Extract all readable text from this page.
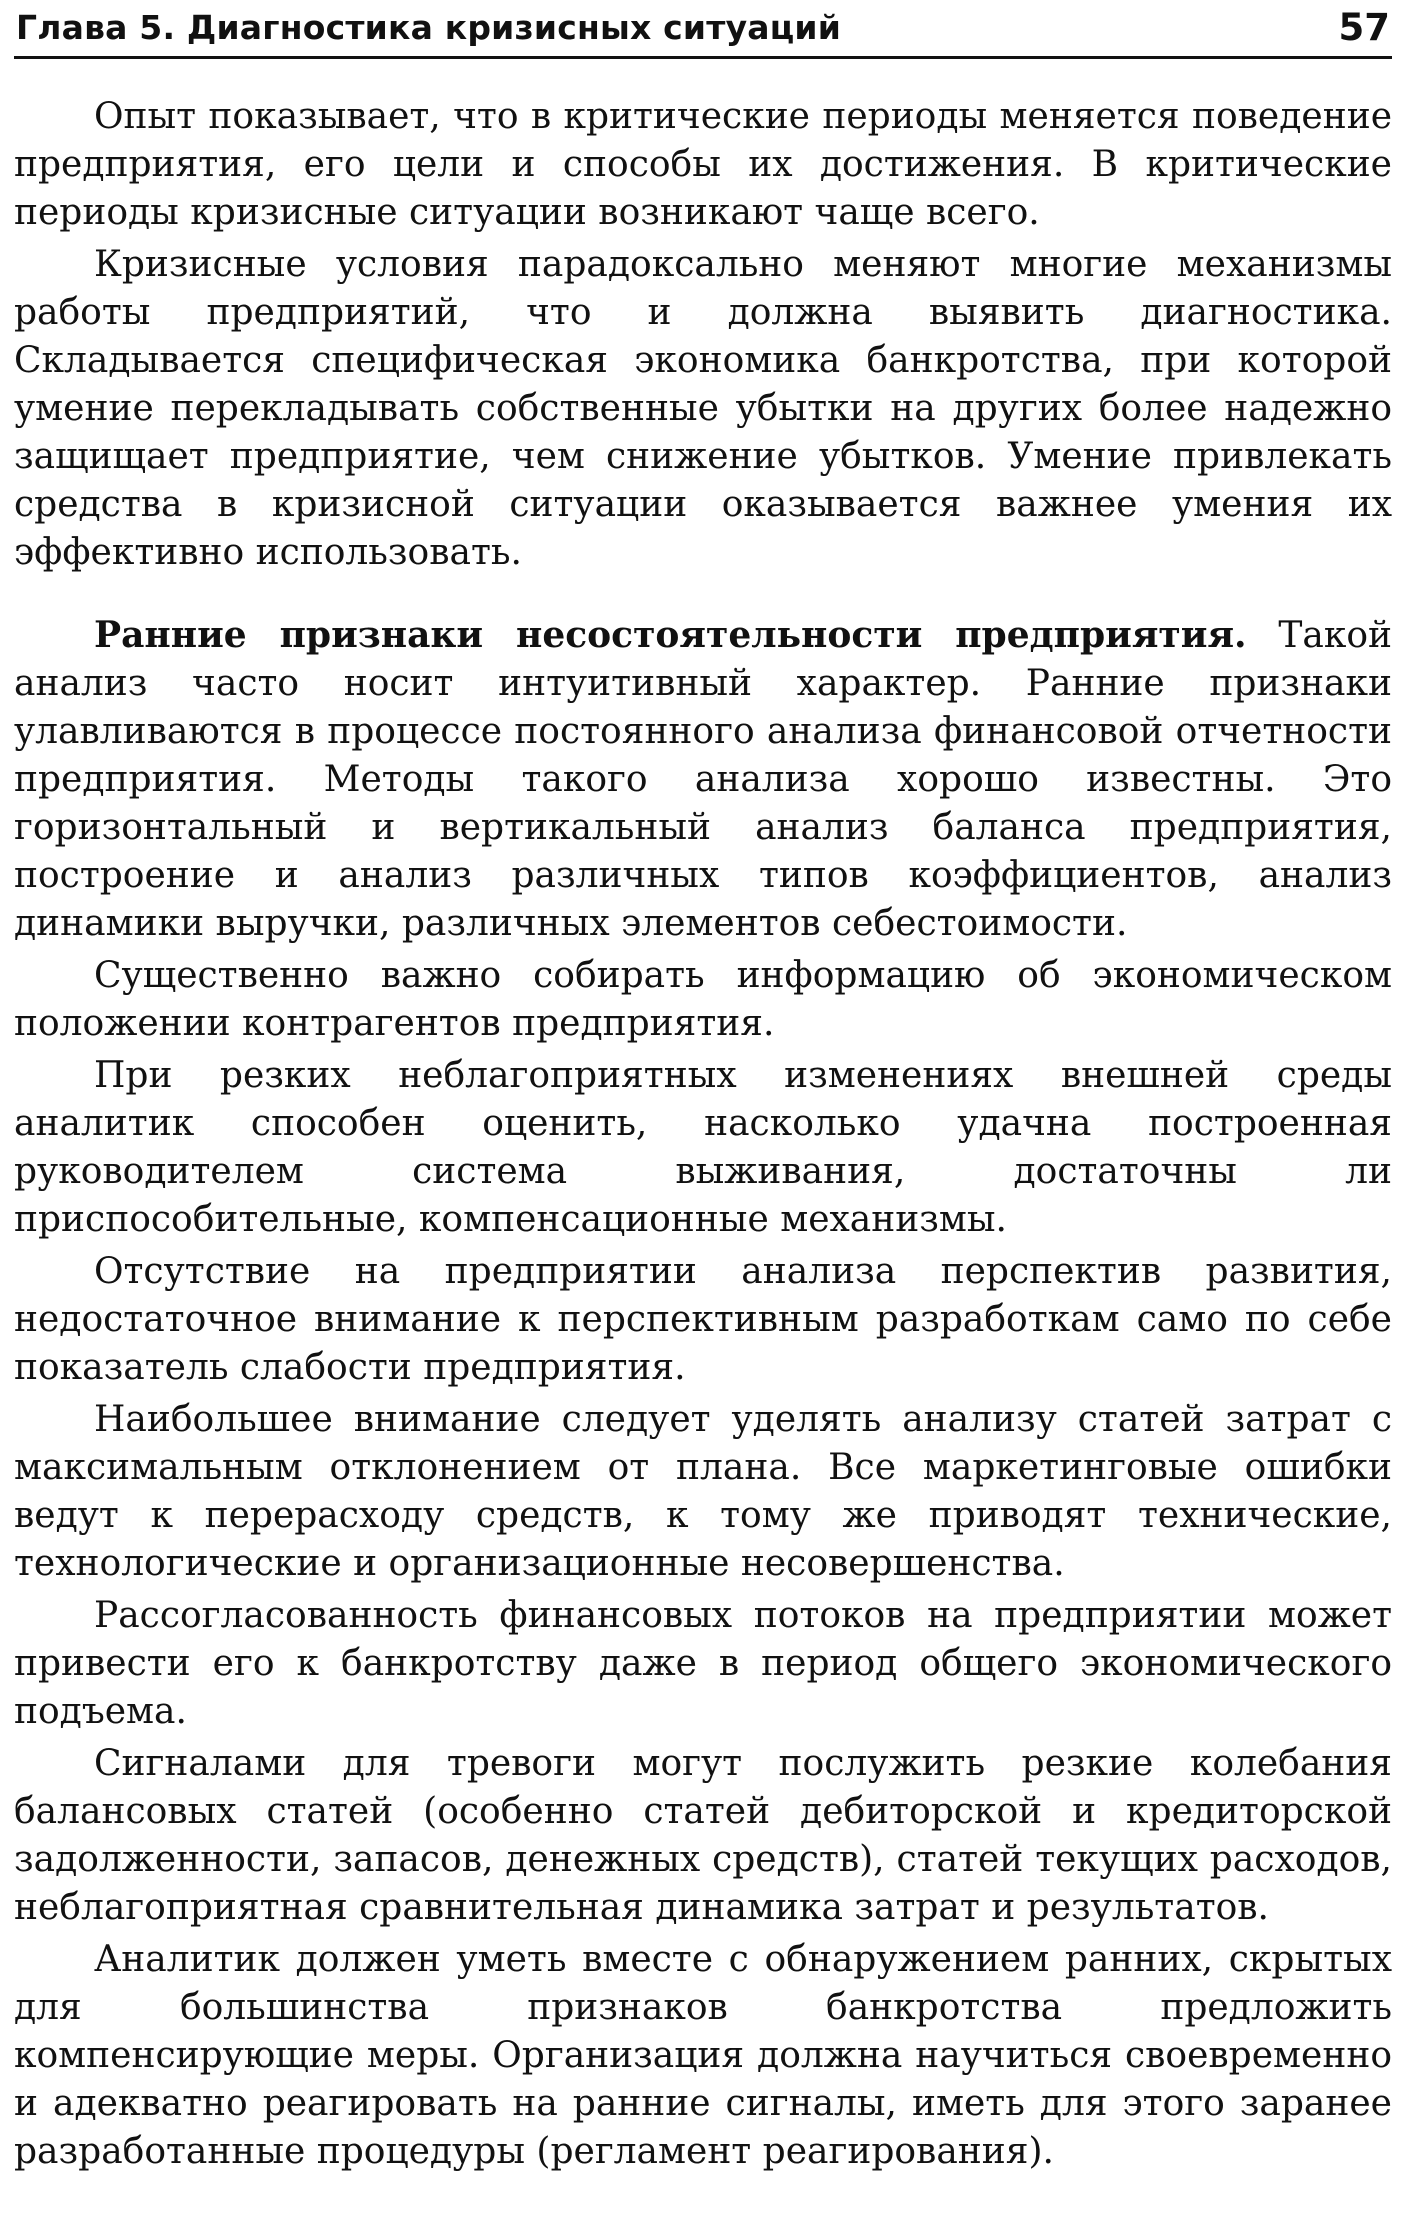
Глава 5. Диагностика кризисных ситуаций	57

Опыт показывает, что в критические периоды меняется поведение предприятия, его цели и способы их достижения. В критические периоды кризисные ситуации возникают чаще всего.

Кризисные условия парадоксально меняют многие механизмы работы предприятий, что и должна выявить диагностика. Складывается специфическая экономика банкротства, при которой умение перекладывать собственные убытки на других более надежно защищает предприятие, чем снижение убытков. Умение привлекать средства в кризисной ситуации оказывается важнее умения их эффективно использовать.

Ранние признаки несостоятельности предприятия. Такой анализ часто носит интуитивный характер. Ранние признаки улавливаются в процессе постоянного анализа финансовой отчетности предприятия. Методы такого анализа хорошо известны. Это горизонтальный и вертикальный анализ баланса предприятия, построение и анализ различных типов коэффициентов, анализ динамики выручки, различных элементов себестоимости.

Существенно важно собирать информацию об экономическом положении контрагентов предприятия.

При резких неблагоприятных изменениях внешней среды аналитик способен оценить, насколько удачна построенная руководителем система выживания, достаточны ли приспособительные, компенсационные механизмы.

Отсутствие на предприятии анализа перспектив развития, недостаточное внимание к перспективным разработкам само по себе показатель слабости предприятия.

Наибольшее внимание следует уделять анализу статей затрат с максимальным отклонением от плана. Все маркетинговые ошибки ведут к перерасходу средств, к тому же приводят технические, технологические и организационные несовершенства.

Рассогласованность финансовых потоков на предприятии может привести его к банкротству даже в период общего экономического подъема.

Сигналами для тревоги могут послужить резкие колебания балансовых статей (особенно статей дебиторской и кредиторской задолженности, запасов, денежных средств), статей текущих расходов, неблагоприятная сравнительная динамика затрат и результатов.

Аналитик должен уметь вместе с обнаружением ранних, скрытых для большинства признаков банкротства предложить компенсирующие меры. Организация должна научиться своевременно и адекватно реагировать на ранние сигналы, иметь для этого заранее разработанные процедуры (регламент реагирования).
